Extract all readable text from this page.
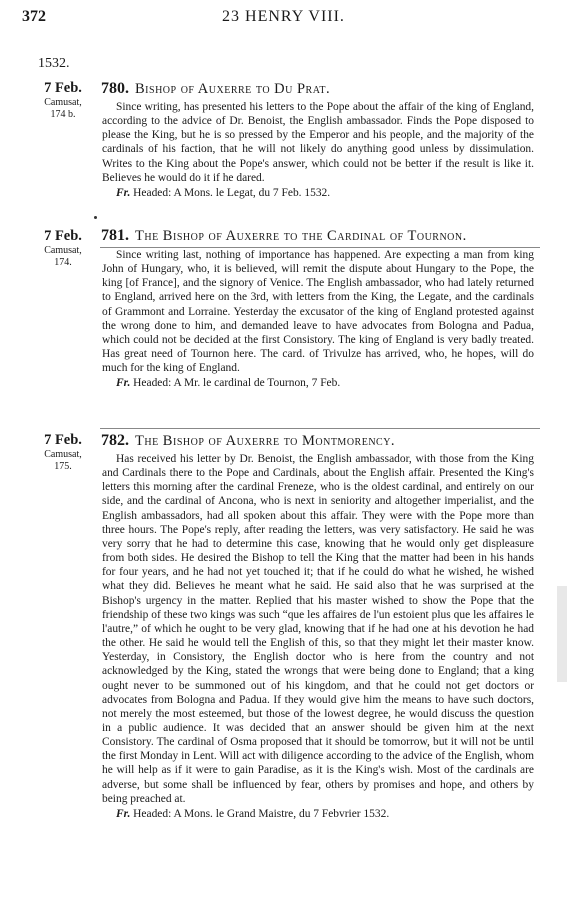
372	23 HENRY VIII.
1532.
7 Feb.
Camusat,
174 b.
780. Bishop of Auxerre to Du Prat.
Since writing, has presented his letters to the Pope about the affair of the king of England, according to the advice of Dr. Benoist, the English ambassador. Finds the Pope disposed to please the King, but he is so pressed by the Emperor and his people, and the majority of the cardinals of his faction, that he will not likely do anything good unless by dissimulation. Writes to the King about the Pope's answer, which could not be better if the result is like it. Believes he would do it if he dared.
Fr. Headed: A Mons. le Legat, du 7 Feb. 1532.
7 Feb.
Camusat,
174.
781. The Bishop of Auxerre to the Cardinal of Tournon.
Since writing last, nothing of importance has happened. Are expecting a man from king John of Hungary, who, it is believed, will remit the dispute about Hungary to the Pope, the king [of France], and the signory of Venice. The English ambassador, who had lately returned to England, arrived here on the 3rd, with letters from the King, the Legate, and the cardinals of Grammont and Lorraine. Yesterday the excusator of the king of England protested against the wrong done to him, and demanded leave to have advocates from Bologna and Padua, which could not be decided at the first Consistory. The king of England is very badly treated. Has great need of Tournon here. The card. of Trivulze has arrived, who, he hopes, will do much for the king of England.
Fr. Headed: A Mr. le cardinal de Tournon, 7 Feb.
7 Feb.
Camusat,
175.
782. The Bishop of Auxerre to Montmorency.
Has received his letter by Dr. Benoist, the English ambassador, with those from the King and Cardinals there to the Pope and Cardinals, about the English affair. Presented the King's letters this morning after the cardinal Freneze, who is the oldest cardinal, and entirely on our side, and the cardinal of Ancona, who is next in seniority and altogether imperialist, and the English ambassadors, had all spoken about this affair. They were with the Pope more than three hours. The Pope's reply, after reading the letters, was very satisfactory. He said he was very sorry that he had to determine this case, knowing that he would only get displeasure from both sides. He desired the Bishop to tell the King that the matter had been in his hands for four years, and he had not yet touched it; that if he could do what he wished, he wished what they did. Believes he meant what he said. He said also that he was surprised at the Bishop's urgency in the matter. Replied that his master wished to show the Pope that the friendship of these two kings was such “que les affaires de l'un estoient plus que les affaires le l'autre,” of which he ought to be very glad, knowing that if he had one at his devotion he had the other. He said he would tell the English of this, so that they might let their master know. Yesterday, in Consistory, the English doctor who is here from the country and not acknowledged by the King, stated the wrongs that were being done to England; that a king ought never to be summoned out of his kingdom, and that he could not get doctors or advocates from Bologna and Padua. If they would give him the means to have such doctors, not merely the most esteemed, but those of the lowest degree, he would discuss the question in a public audience. It was decided that an answer should be given him at the next Consistory. The cardinal of Osma proposed that it should be tomorrow, but it will not be until the first Monday in Lent. Will act with diligence according to the advice of the English, whom he will help as if it were to gain Paradise, as it is the King's wish. Most of the cardinals are adverse, but some shall be influenced by fear, others by promises and hope, and others by being preached at.
Fr. Headed: A Mons. le Grand Maistre, du 7 Febvrier 1532.
